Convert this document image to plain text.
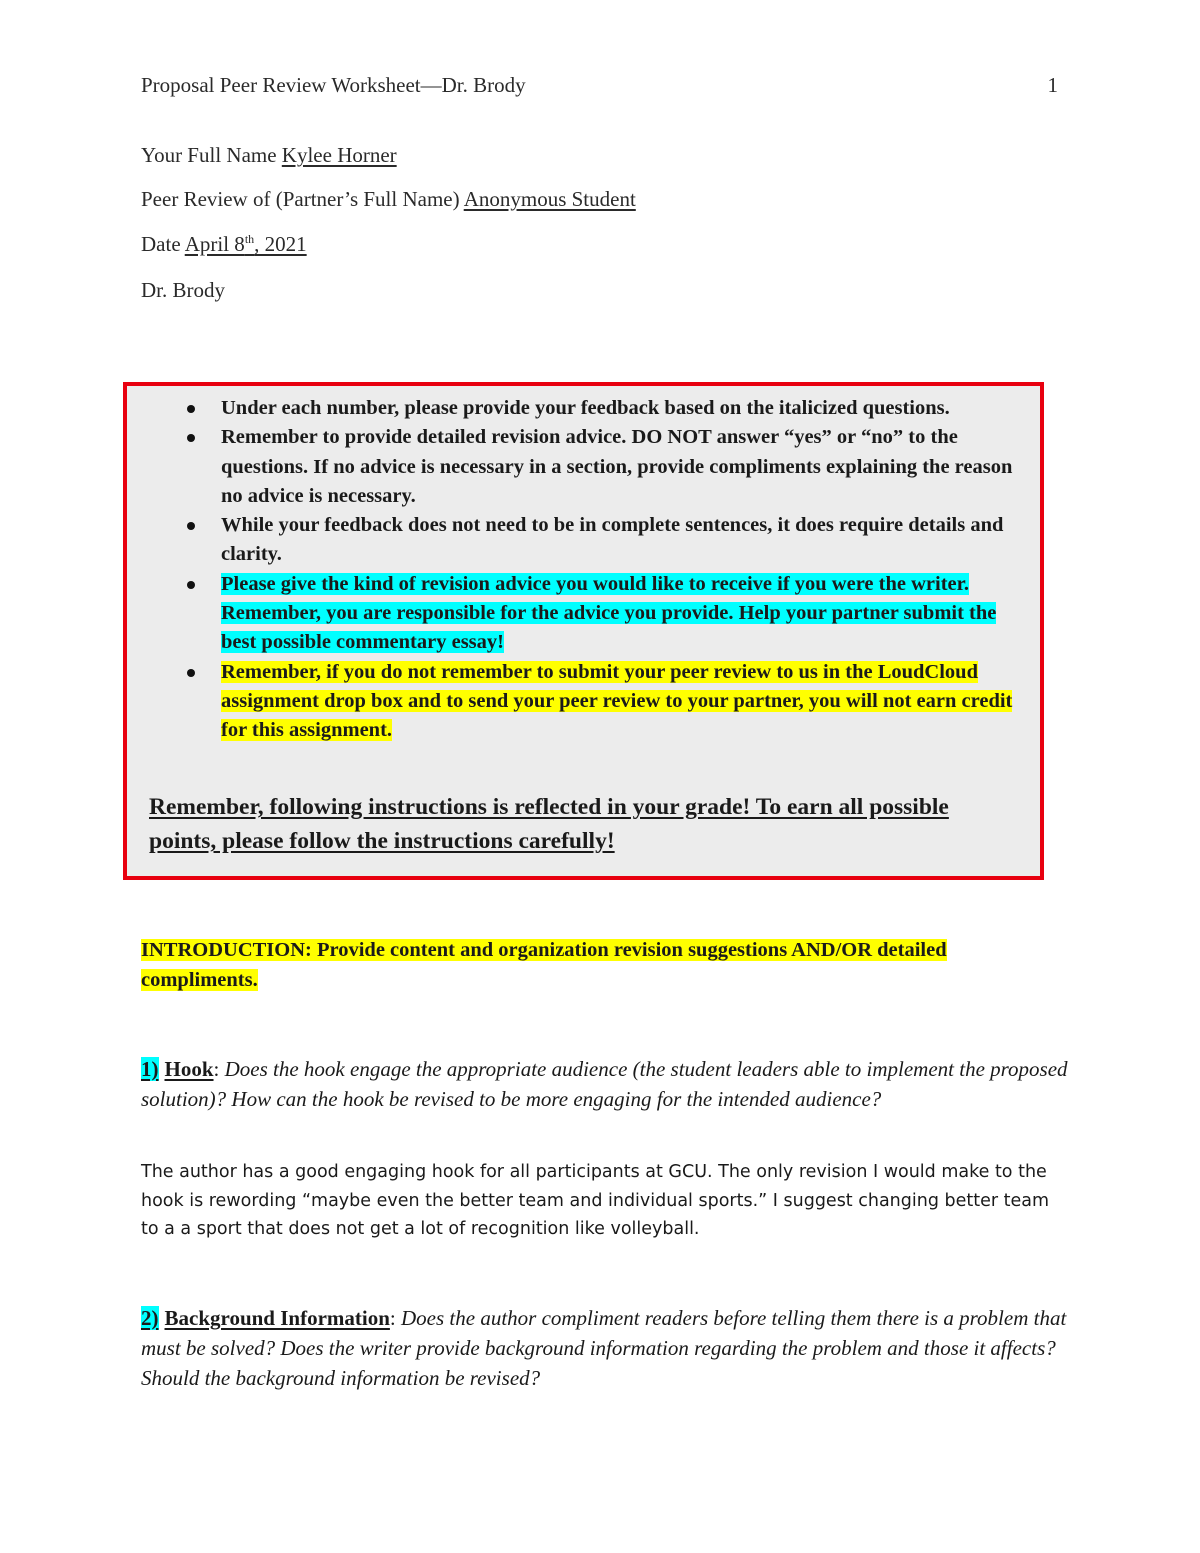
Proposal Peer Review Worksheet—Dr. Brody	1
Your Full Name Kylee Horner
Peer Review of (Partner’s Full Name) Anonymous Student
Date April 8th, 2021
Dr. Brody
Under each number, please provide your feedback based on the italicized questions.
Remember to provide detailed revision advice. DO NOT answer “yes” or “no” to the questions. If no advice is necessary in a section, provide compliments explaining the reason no advice is necessary.
While your feedback does not need to be in complete sentences, it does require details and clarity.
Please give the kind of revision advice you would like to receive if you were the writer. Remember, you are responsible for the advice you provide. Help your partner submit the best possible commentary essay!
Remember, if you do not remember to submit your peer review to us in the LoudCloud assignment drop box and to send your peer review to your partner, you will not earn credit for this assignment.
Remember, following instructions is reflected in your grade! To earn all possible points, please follow the instructions carefully!
INTRODUCTION: Provide content and organization revision suggestions AND/OR detailed compliments.
1) Hook: Does the hook engage the appropriate audience (the student leaders able to implement the proposed solution)? How can the hook be revised to be more engaging for the intended audience?
The author has a good engaging hook for all participants at GCU. The only revision I would make to the hook is rewording “maybe even the better team and individual sports.” I suggest changing better team to a a sport that does not get a lot of recognition like volleyball.
2) Background Information: Does the author compliment readers before telling them there is a problem that must be solved? Does the writer provide background information regarding the problem and those it affects? Should the background information be revised?
